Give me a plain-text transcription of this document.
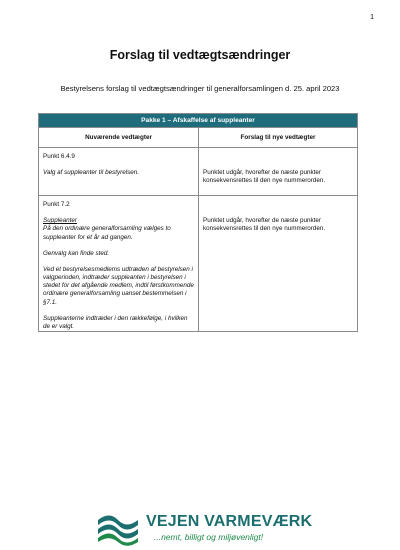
1
Forslag til vedtægtsændringer
Bestyrelsens forslag til vedtægtsændringer til generalforsamlingen d. 25. april 2023
Pakke 1 – Afskaffelse af suppleanter
Nuværende vedtægter	Forslag til nye vedtægter
Punkt 6.4.9
Valg af suppleanter til bestyrelsen.	Punktet udgår, hvorefter de næste punkter konsekvensrettes til den nye nummerorden.
Punkt 7.2
Suppleanter
På den ordinære generalforsamling vælges to suppleanter for et år ad gangen.
Genvalg kan finde sted.
Ved et bestyrelsesmedlems udtræden af bestyrelsen i valgperioden, indtræder suppleanten i bestyrelsen i stedet for det afgående medlem, indtil førstkommende ordinære generalforsamling uanset bestemmelsen i §7.1.
Suppleanterne indtræder i den rækkefølge, i hvilken de er valgt.
Punktet udgår, hvorefter de næste punkter konsekvensrettes til den nye nummerorden.
VEJEN VARMEVÆRK
...nemt, billigt og miljøvenligt!
